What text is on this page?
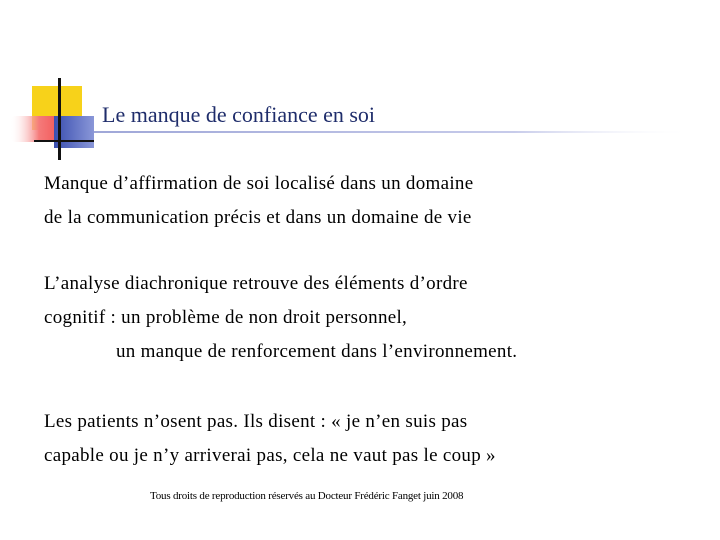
Le manque de confiance en soi
Manque d’affirmation de soi localisé dans un domaine
de la communication précis et dans un domaine de vie
L’analyse diachronique retrouve des éléments d’ordre
cognitif : un problème de non droit personnel,
un manque de renforcement dans l’environnement.
Les patients n’osent pas. Ils disent : « je n’en suis pas
capable ou je n’y arriverai pas, cela ne vaut pas le coup »
Tous droits de reproduction réservés au Docteur Frédéric Fanget juin 2008
